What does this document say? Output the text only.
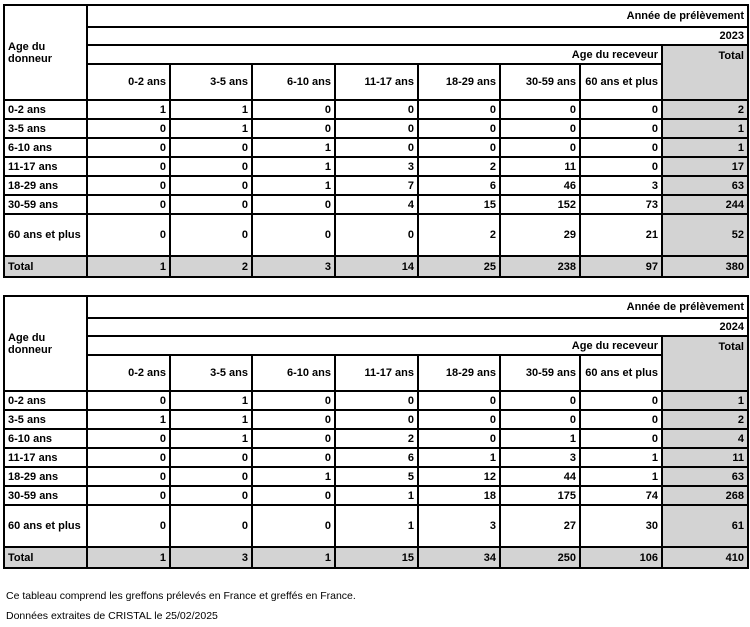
Age du donneur	Année de prélèvement							
	2023							
	Age du receveur							Total
	0-2 ans	3-5 ans	6-10 ans	11-17 ans	18-29 ans	30-59 ans	60 ans et plus	
0-2 ans	1	1	0	0	0	0	0	2
3-5 ans	0	1	0	0	0	0	0	1
6-10 ans	0	0	1	0	0	0	0	1
11-17 ans	0	0	1	3	2	11	0	17
18-29 ans	0	0	1	7	6	46	3	63
30-59 ans	0	0	0	4	15	152	73	244
60 ans et plus	0	0	0	0	2	29	21	52
Total	1	2	3	14	25	238	97	380
Age du donneur	Année de prélèvement							
	2024							
	Age du receveur							Total
	0-2 ans	3-5 ans	6-10 ans	11-17 ans	18-29 ans	30-59 ans	60 ans et plus	
0-2 ans	0	1	0	0	0	0	0	1
3-5 ans	1	1	0	0	0	0	0	2
6-10 ans	0	1	0	2	0	1	0	4
11-17 ans	0	0	0	6	1	3	1	11
18-29 ans	0	0	1	5	12	44	1	63
30-59 ans	0	0	0	1	18	175	74	268
60 ans et plus	0	0	0	1	3	27	30	61
Total	1	3	1	15	34	250	106	410
Ce tableau comprend les greffons prélevés en France et greffés en France.
Données extraites de CRISTAL le 25/02/2025
